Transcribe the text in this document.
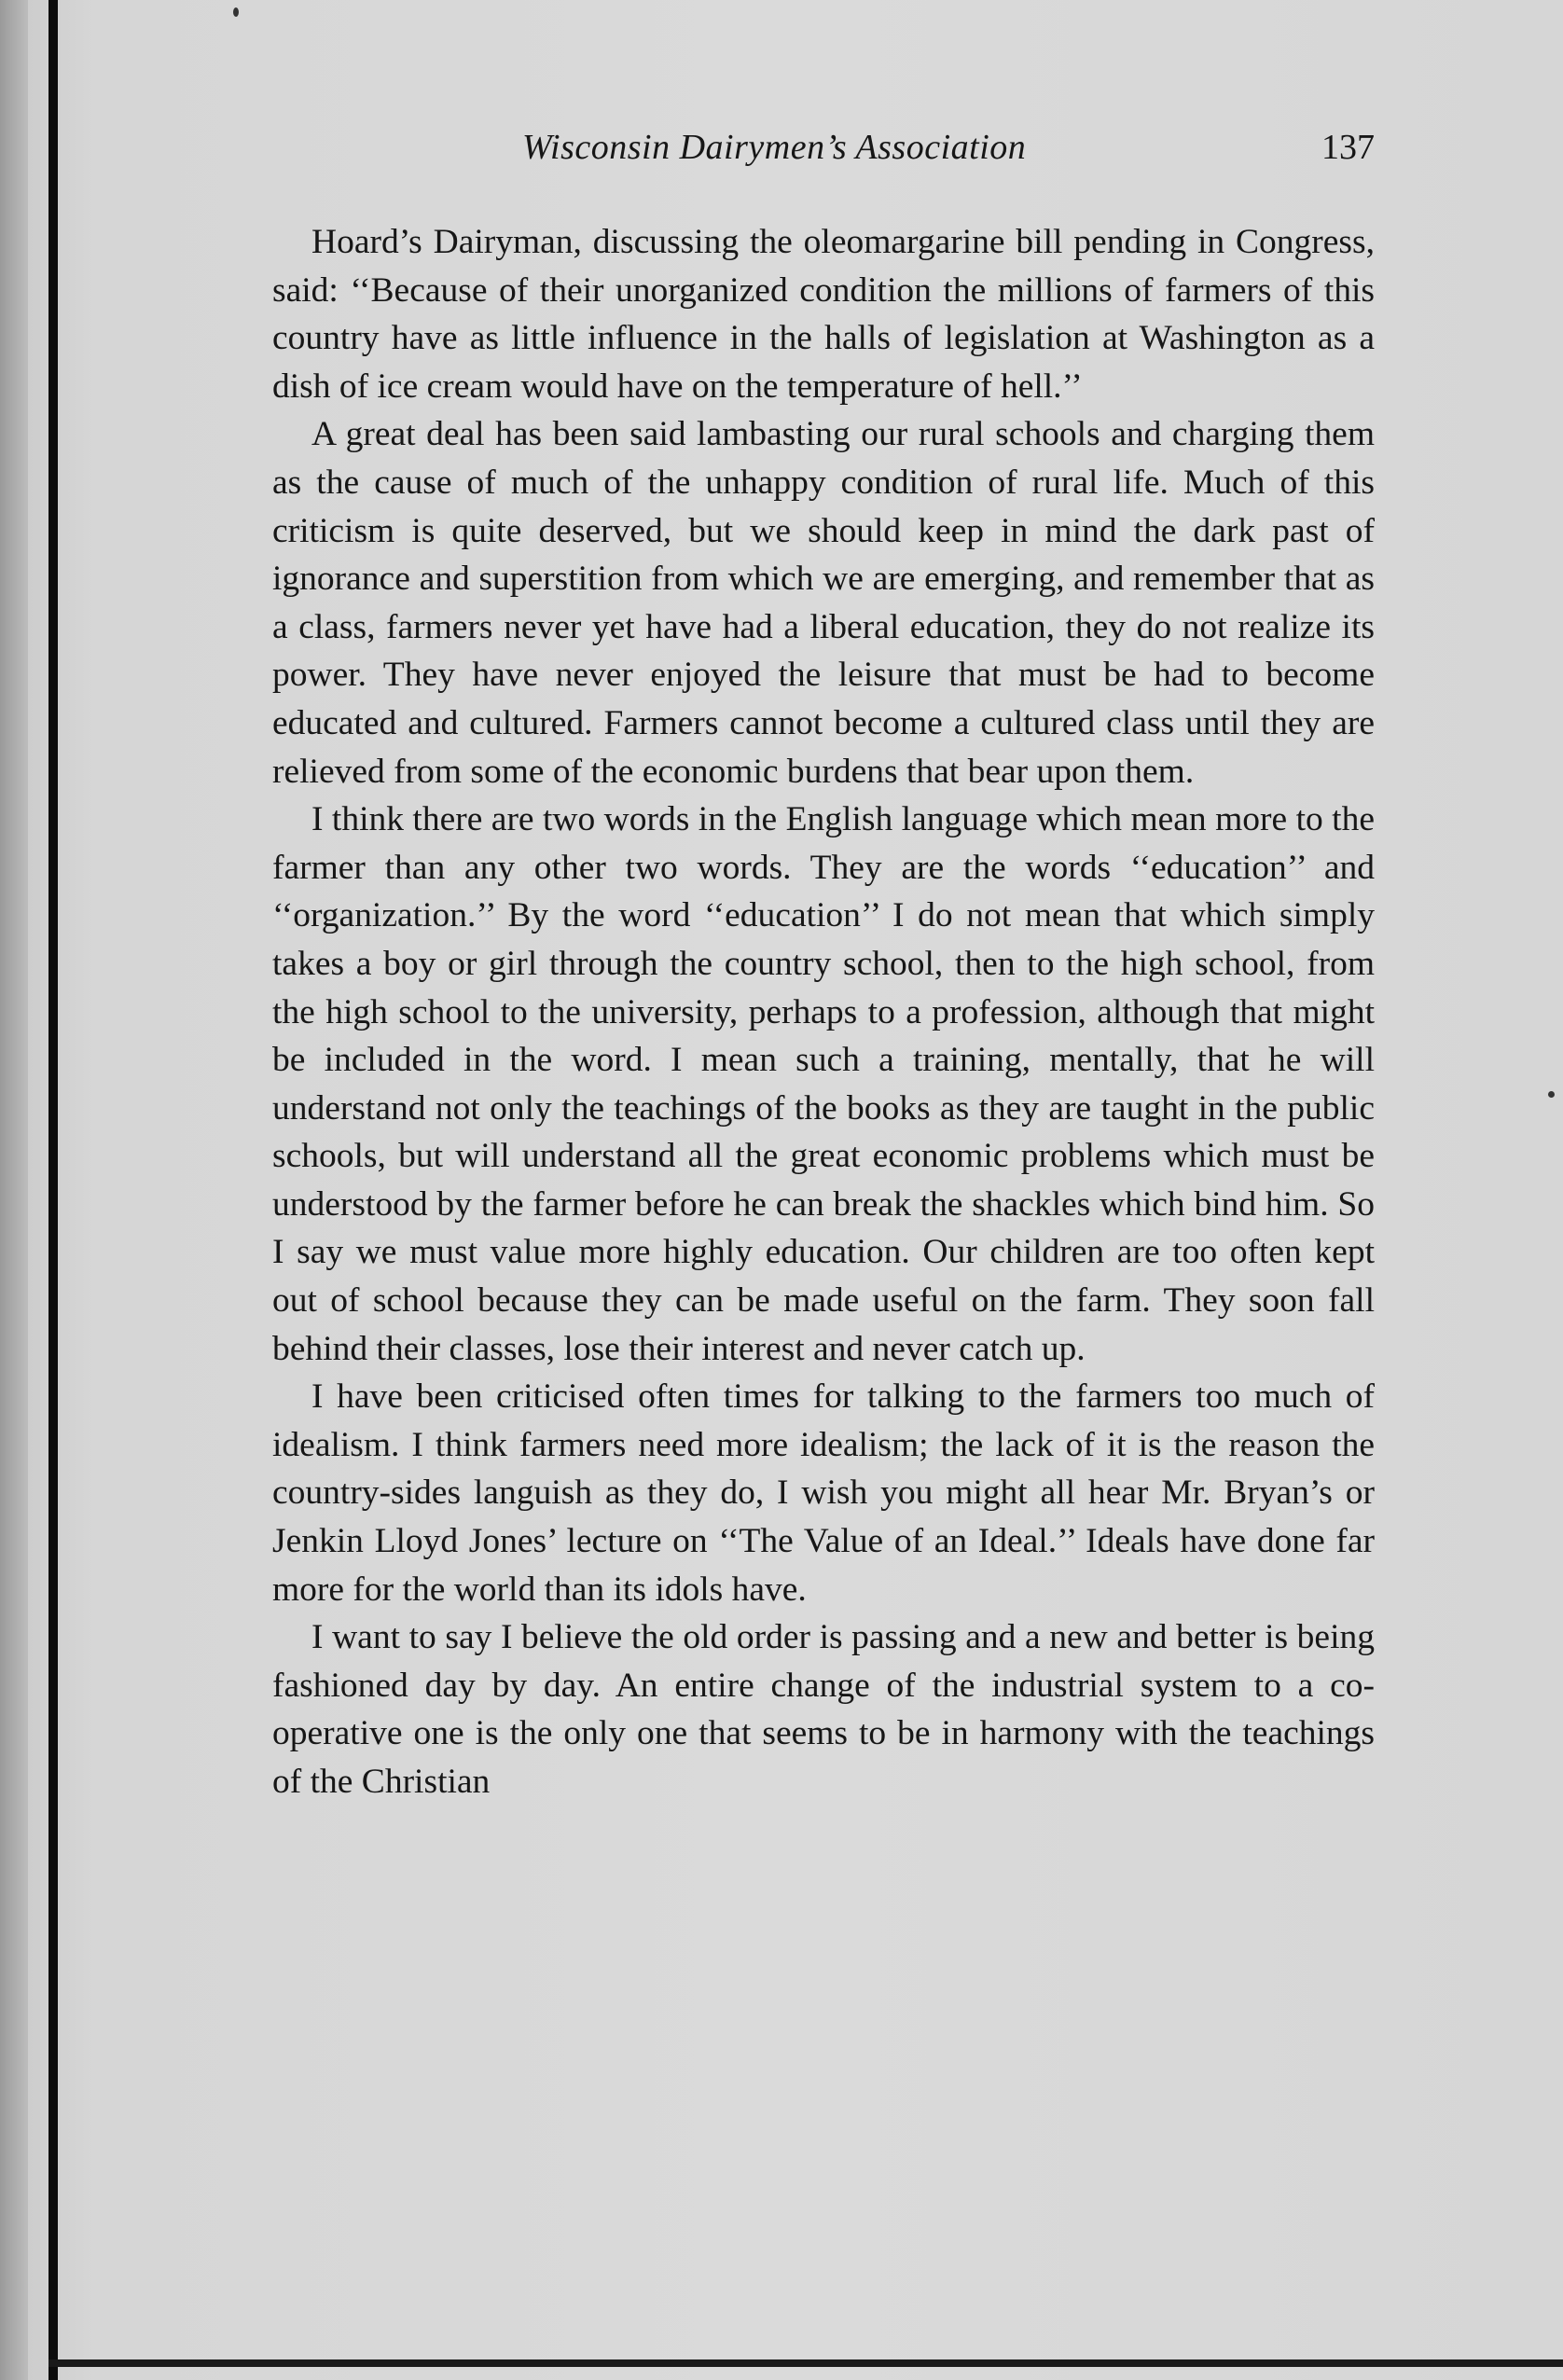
Wisconsin Dairymen’s Association	137

Hoard’s Dairyman, discussing the oleomargarine bill pending in Congress, said: ‘‘Because of their unorganized condition the millions of farmers of this country have as little influence in the halls of legislation at Washington as a dish of ice cream would have on the temperature of hell.’’

A great deal has been said lambasting our rural schools and charging them as the cause of much of the unhappy condition of rural life. Much of this criticism is quite deserved, but we should keep in mind the dark past of ignorance and superstition from which we are emerging, and remember that as a class, farmers never yet have had a liberal education, they do not realize its power. They have never enjoyed the leisure that must be had to become educated and cultured. Farmers cannot become a cultured class until they are relieved from some of the economic burdens that bear upon them.

I think there are two words in the English language which mean more to the farmer than any other two words. They are the words ‘‘education’’ and ‘‘organization.’’ By the word ‘‘education’’ I do not mean that which simply takes a boy or girl through the country school, then to the high school, from the high school to the university, perhaps to a profession, although that might be included in the word. I mean such a training, mentally, that he will understand not only the teachings of the books as they are taught in the public schools, but will understand all the great economic problems which must be understood by the farmer before he can break the shackles which bind him. So I say we must value more highly education. Our children are too often kept out of school because they can be made useful on the farm. They soon fall behind their classes, lose their interest and never catch up.

I have been criticised often times for talking to the farmers too much of idealism. I think farmers need more idealism; the lack of it is the reason the country-sides languish as they do, I wish you might all hear Mr. Bryan’s or Jenkin Lloyd Jones’ lecture on ‘‘The Value of an Ideal.’’ Ideals have done far more for the world than its idols have.

I want to say I believe the old order is passing and a new and better is being fashioned day by day. An entire change of the industrial system to a co-operative one is the only one that seems to be in harmony with the teachings of the Christian
